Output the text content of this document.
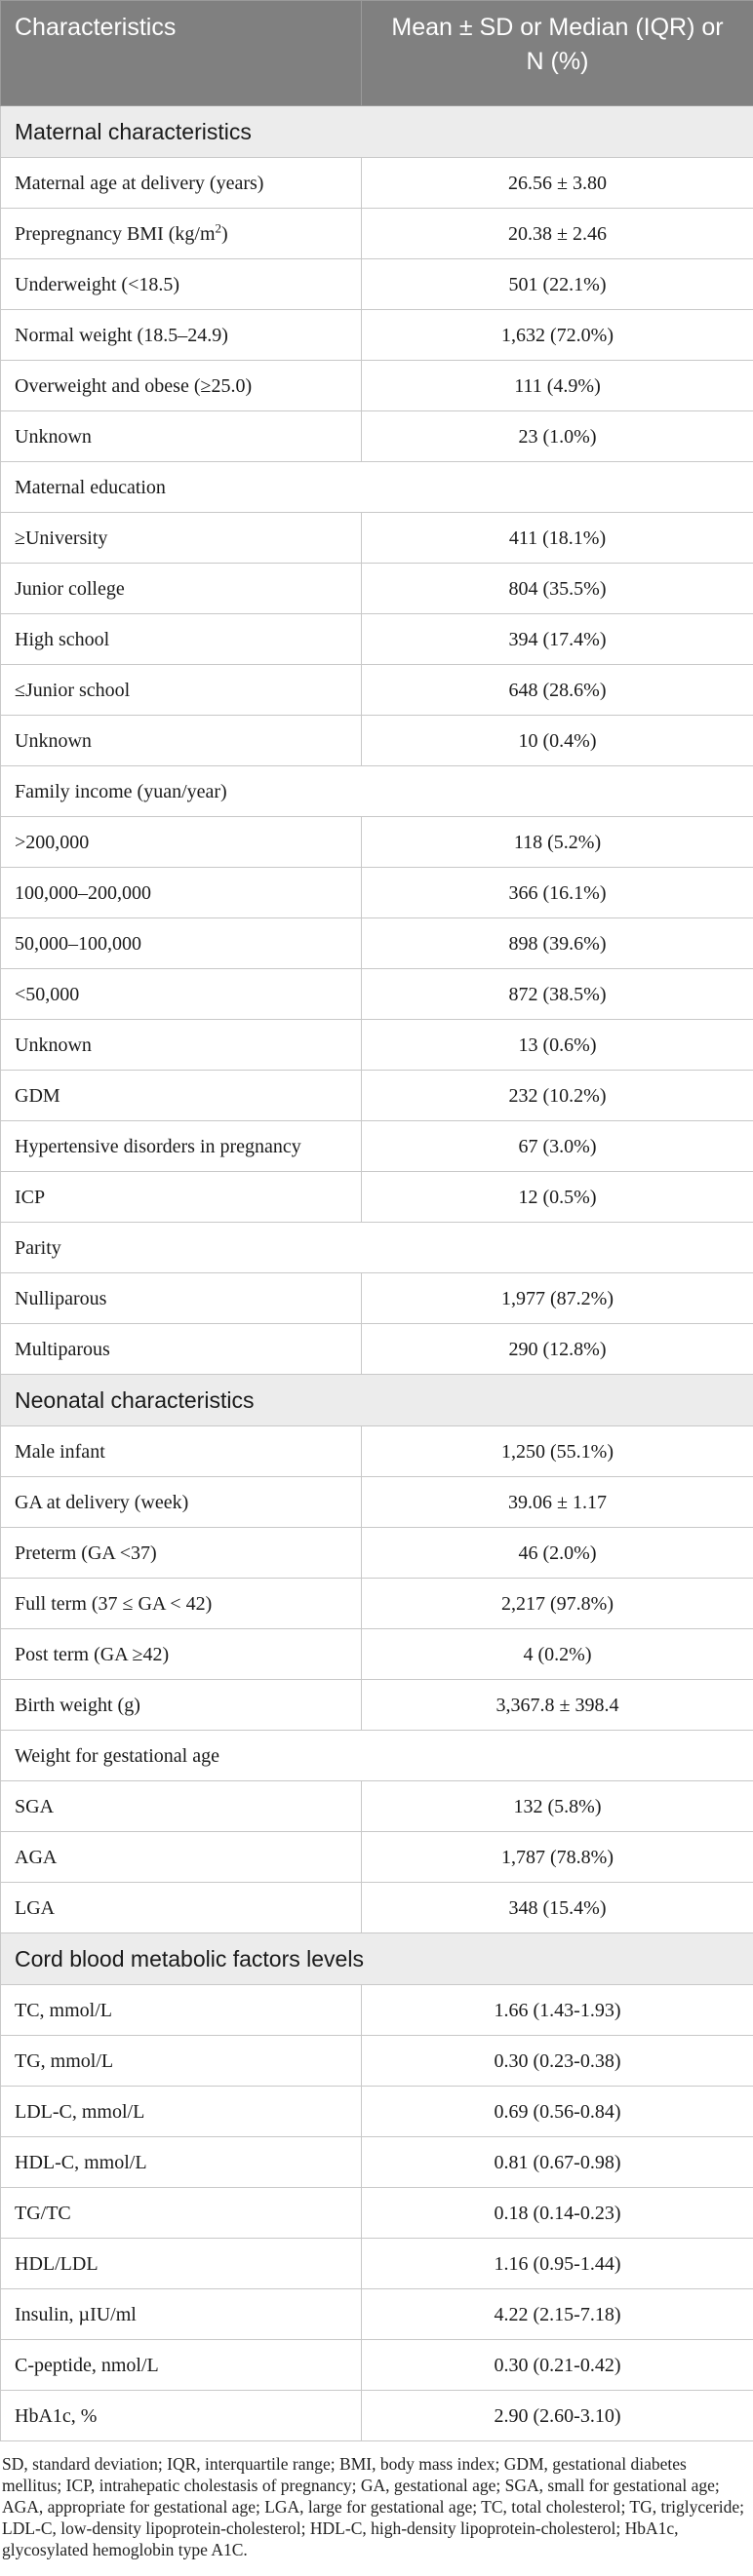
Characteristics	Mean ± SD or Median (IQR) or N (%)
Maternal characteristics	
Maternal age at delivery (years)	26.56 ± 3.80
Prepregnancy BMI $(kg/m^2)$	20.38 ± 2.46
Underweight (<18.5)	501 (22.1%)
Normal weight (18.5–24.9)	1,632 (72.0%)
Overweight and obese (≥25.0)	111 (4.9%)
Unknown	23 (1.0%)
Maternal education	
≥University	411 (18.1%)
Junior college	804 (35.5%)
High school	394 (17.4%)
≤Junior school	648 (28.6%)
Unknown	10 (0.4%)
Family income (yuan/year)	
>200,000	118 (5.2%)
100,000–200,000	366 (16.1%)
50,000–100,000	898 (39.6%)
<50,000	872 (38.5%)
Unknown	13 (0.6%)
GDM	232 (10.2%)
Hypertensive disorders in pregnancy	67 (3.0%)
ICP	12 (0.5%)
Parity	
Nulliparous	1,977 (87.2%)
Multiparous	290 (12.8%)
Neonatal characteristics	
Male infant	1,250 (55.1%)
GA at delivery (week)	39.06 ± 1.17
Preterm (GA <37)	46 (2.0%)
Full term (37 ≤ GA < 42)	2,217 (97.8%)
Post term (GA ≥42)	4 (0.2%)
Birth weight (g)	3,367.8 ± 398.4
Weight for gestational age	
SGA	132 (5.8%)
AGA	1,787 (78.8%)
LGA	348 (15.4%)
Cord blood metabolic factors levels	
TC, mmol/L	1.66 (1.43-1.93)
TG, mmol/L	0.30 (0.23-0.38)
LDL-C, mmol/L	0.69 (0.56-0.84)
HDL-C, mmol/L	0.81 (0.67-0.98)
TG/TC	0.18 (0.14-0.23)
HDL/LDL	1.16 (0.95-1.44)
Insulin, µIU/ml	4.22 (2.15-7.18)
C-peptide, nmol/L	0.30 (0.21-0.42)
HbA1c, %	2.90 (2.60-3.10)
SD, standard deviation; IQR, interquartile range; BMI, body mass index; GDM, gestational diabetes mellitus; ICP, intrahepatic cholestasis of pregnancy; GA, gestational age; SGA, small for gestational age; AGA, appropriate for gestational age; LGA, large for gestational age; TC, total cholesterol; TG, triglyceride; LDL-C, low-density lipoprotein-cholesterol; HDL-C, high-density lipoprotein-cholesterol; HbA1c, glycosylated hemoglobin type A1C.
